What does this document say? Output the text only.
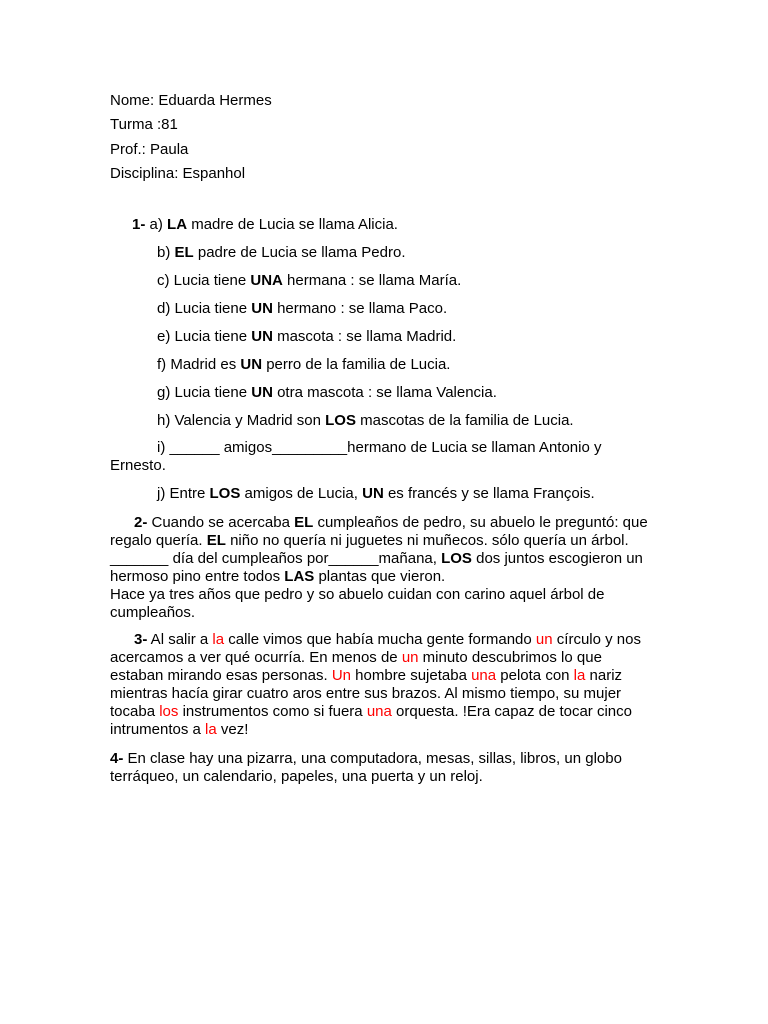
Nome: Eduarda Hermes
Turma :81
Prof.: Paula
Disciplina: Espanhol
1- a) LA madre de Lucia se llama Alicia.
b) EL padre de Lucia se llama Pedro.
c) Lucia tiene UNA hermana : se llama María.
d) Lucia tiene UN hermano : se llama Paco.
e) Lucia tiene UN mascota : se llama Madrid.
f) Madrid es UN perro de la familia de Lucia.
g) Lucia tiene UN otra mascota : se llama Valencia.
h) Valencia y Madrid son LOS mascotas de la familia de Lucia.
i) ______ amigos_________hermano de Lucia se llaman Antonio y
Ernesto.
j) Entre LOS amigos de Lucia, UN es francés y se llama François.
2- Cuando se acercaba EL cumpleaños de pedro, su abuelo le preguntó: que regalo quería. EL niño no quería ni juguetes ni muñecos. sólo quería un árbol. _______ día del cumpleaños por______mañana, LOS dos juntos escogieron un hermoso pino entre todos LAS plantas que vieron.
Hace ya tres años que pedro y so abuelo cuidan con carino aquel árbol de cumpleaños.
3- Al salir a la calle vimos que había mucha gente formando un círculo y nos acercamos a ver qué ocurría. En menos de un minuto descubrimos lo que estaban mirando esas personas. Un hombre sujetaba una pelota con la nariz mientras hacía girar cuatro aros entre sus brazos. Al mismo tiempo, su mujer tocaba los instrumentos como si fuera una orquesta. !Era capaz de tocar cinco intrumentos a la vez!
4- En clase hay una pizarra, una computadora, mesas, sillas, libros, un globo terráqueo, un calendario, papeles, una puerta y un reloj.
